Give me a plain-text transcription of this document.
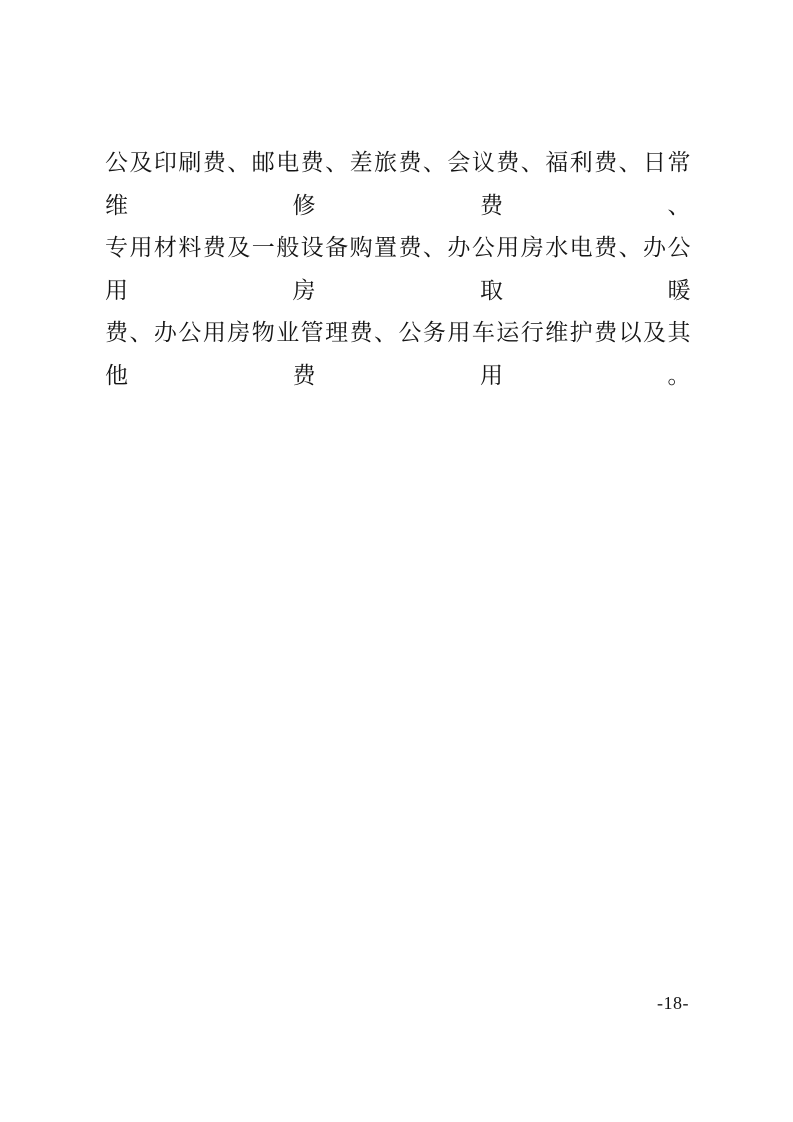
公及印刷费、邮电费、差旅费、会议费、福利费、日常维修费、
专用材料费及一般设备购置费、办公用房水电费、办公用房取暖
费、办公用房物业管理费、公务用车运行维护费以及其他费用。
-18-
